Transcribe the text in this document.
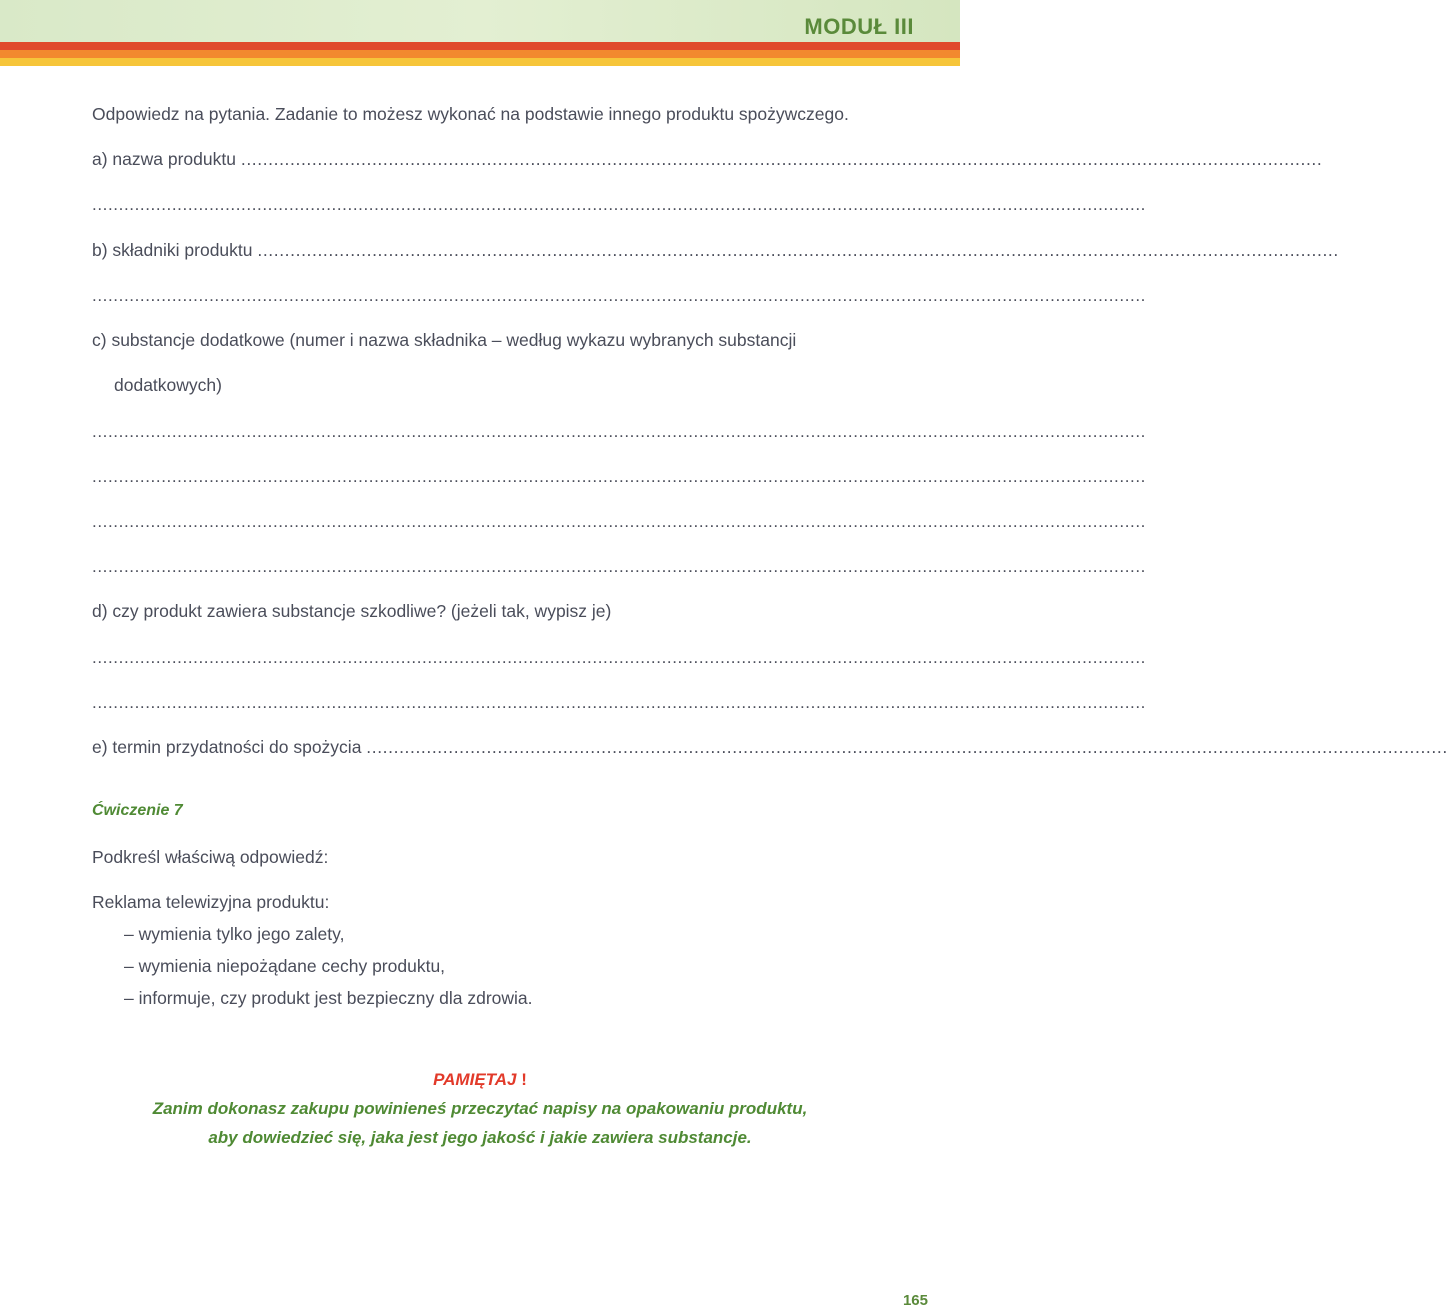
MODUŁ III
Odpowiedz na pytania. Zadanie to możesz wykonać na podstawie innego produktu spożywczego.
a) nazwa produktu ......................................................................................................................................................................................................
......................................................................................................................................................................................................
b) składniki produktu ......................................................................................................................................................................................................
......................................................................................................................................................................................................
c) substancje dodatkowe (numer i nazwa składnika – według wykazu wybranych substancji
dodatkowych)
......................................................................................................................................................................................................
......................................................................................................................................................................................................
......................................................................................................................................................................................................
......................................................................................................................................................................................................
d) czy produkt zawiera substancje szkodliwe? (jeżeli tak, wypisz je)
......................................................................................................................................................................................................
......................................................................................................................................................................................................
e) termin przydatności do spożycia ......................................................................................................................................................................................................
Ćwiczenie 7
Podkreśl właściwą odpowiedź:
Reklama telewizyjna produktu:
– wymienia tylko jego zalety,
– wymienia niepożądane cechy produktu,
– informuje, czy produkt jest bezpieczny dla zdrowia.
PAMIĘTAJ !
Zanim dokonasz zakupu powinieneś przeczytać napisy na opakowaniu produktu,
aby dowiedzieć się, jaka jest jego jakość i jakie zawiera substancje.
165
